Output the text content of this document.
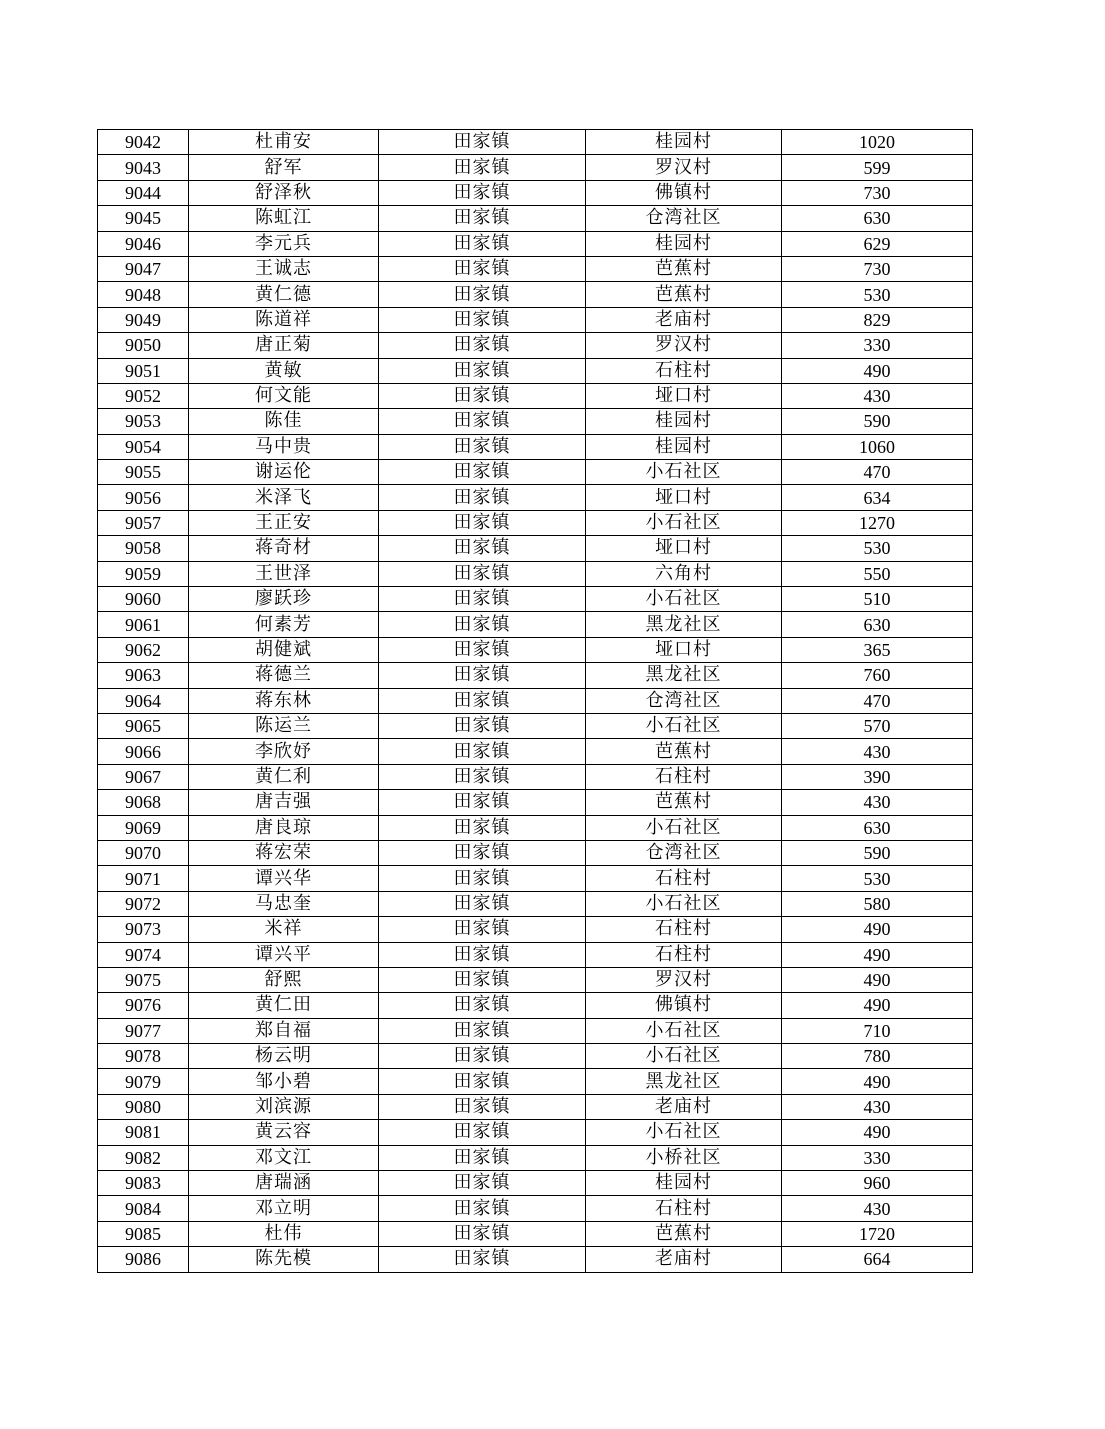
9042	杜甫安	田家镇	桂园村	1020
9043	舒军	田家镇	罗汉村	599
9044	舒泽秋	田家镇	佛镇村	730
9045	陈虹江	田家镇	仓湾社区	630
9046	李元兵	田家镇	桂园村	629
9047	王诚志	田家镇	芭蕉村	730
9048	黄仁德	田家镇	芭蕉村	530
9049	陈道祥	田家镇	老庙村	829
9050	唐正菊	田家镇	罗汉村	330
9051	黄敏	田家镇	石柱村	490
9052	何文能	田家镇	垭口村	430
9053	陈佳	田家镇	桂园村	590
9054	马中贵	田家镇	桂园村	1060
9055	谢运伦	田家镇	小石社区	470
9056	米泽飞	田家镇	垭口村	634
9057	王正安	田家镇	小石社区	1270
9058	蒋奇材	田家镇	垭口村	530
9059	王世泽	田家镇	六角村	550
9060	廖跃珍	田家镇	小石社区	510
9061	何素芳	田家镇	黑龙社区	630
9062	胡健斌	田家镇	垭口村	365
9063	蒋德兰	田家镇	黑龙社区	760
9064	蒋东林	田家镇	仓湾社区	470
9065	陈运兰	田家镇	小石社区	570
9066	李欣妤	田家镇	芭蕉村	430
9067	黄仁利	田家镇	石柱村	390
9068	唐吉强	田家镇	芭蕉村	430
9069	唐良琼	田家镇	小石社区	630
9070	蒋宏荣	田家镇	仓湾社区	590
9071	谭兴华	田家镇	石柱村	530
9072	马忠奎	田家镇	小石社区	580
9073	米祥	田家镇	石柱村	490
9074	谭兴平	田家镇	石柱村	490
9075	舒熙	田家镇	罗汉村	490
9076	黄仁田	田家镇	佛镇村	490
9077	郑自福	田家镇	小石社区	710
9078	杨云明	田家镇	小石社区	780
9079	邹小碧	田家镇	黑龙社区	490
9080	刘滨源	田家镇	老庙村	430
9081	黄云容	田家镇	小石社区	490
9082	邓文江	田家镇	小桥社区	330
9083	唐瑞涵	田家镇	桂园村	960
9084	邓立明	田家镇	石柱村	430
9085	杜伟	田家镇	芭蕉村	1720
9086	陈先模	田家镇	老庙村	664
